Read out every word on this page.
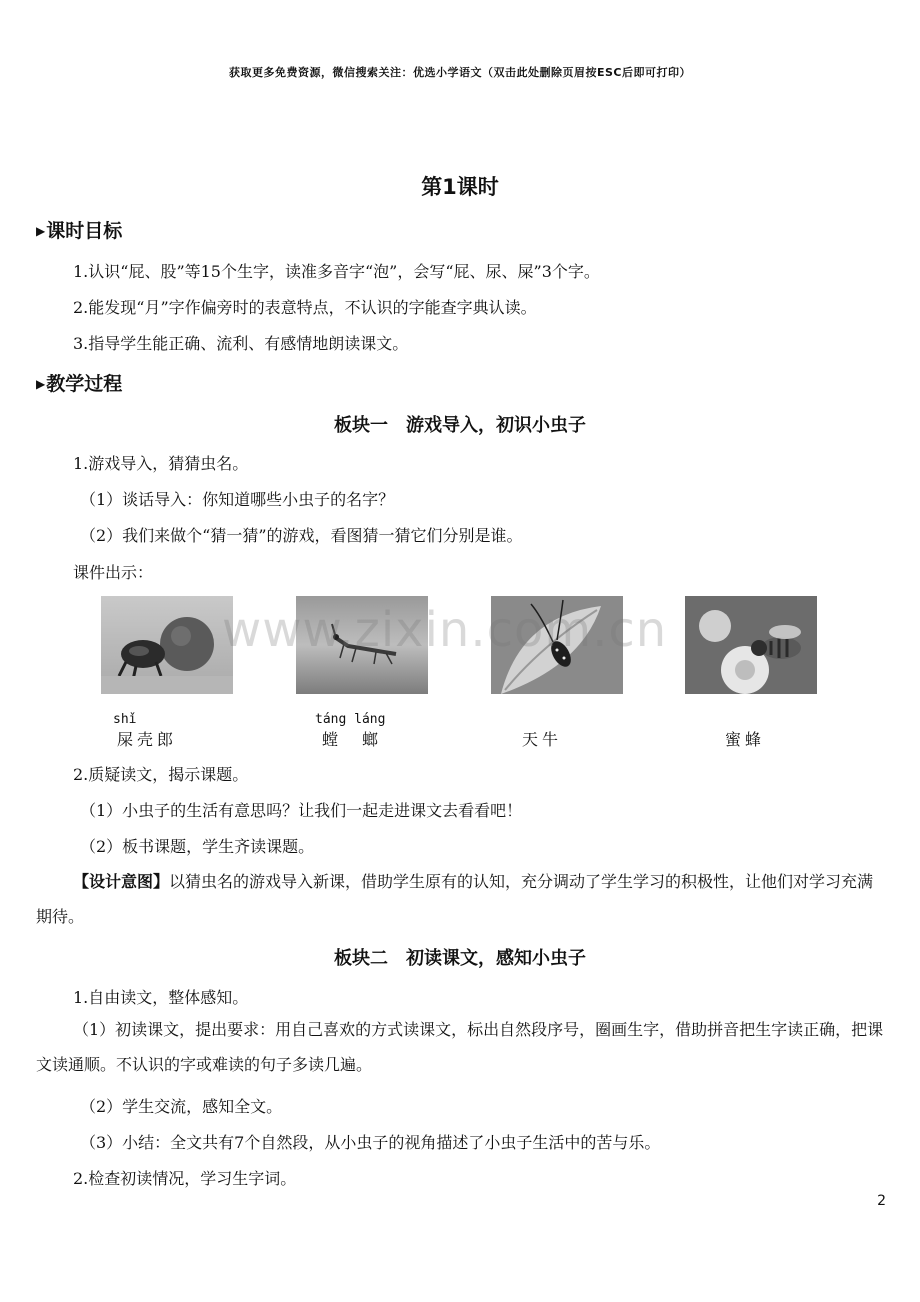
获取更多免费资源，微信搜索关注：优选小学语文（双击此处删除页眉按ESC后即可打印）
第1课时
▶课时目标
1.认识“屁、股”等15个生字，读准多音字“泡”，会写“屁、尿、屎”3个字。
2.能发现“月”字作偏旁时的表意特点，不认识的字能查字典认读。
3.指导学生能正确、流利、有感情地朗读课文。
▶教学过程
板块一　游戏导入，初识小虫子
1.游戏导入，猜猜虫名。
（1）谈话导入：你知道哪些小虫子的名字？
（2）我们来做个“猜一猜”的游戏，看图猜一猜它们分别是谁。
课件出示：
www.zixin.com.cn
shǐ
屎壳郎
táng láng
螳　螂	天牛	蜜蜂
2.质疑读文，揭示课题。
（1）小虫子的生活有意思吗？让我们一起走进课文去看看吧！
（2）板书课题，学生齐读课题。
【设计意图】以猜虫名的游戏导入新课，借助学生原有的认知，充分调动了学生学习的积极性，让他们对学习充满期待。
板块二　初读课文，感知小虫子
1.自由读文，整体感知。
（1）初读课文，提出要求：用自己喜欢的方式读课文，标出自然段序号，圈画生字，借助拼音把生字读正确，把课文读通顺。不认识的字或难读的句子多读几遍。
（2）学生交流，感知全文。
（3）小结：全文共有7个自然段，从小虫子的视角描述了小虫子生活中的苦与乐。
2.检查初读情况，学习生字词。
2
